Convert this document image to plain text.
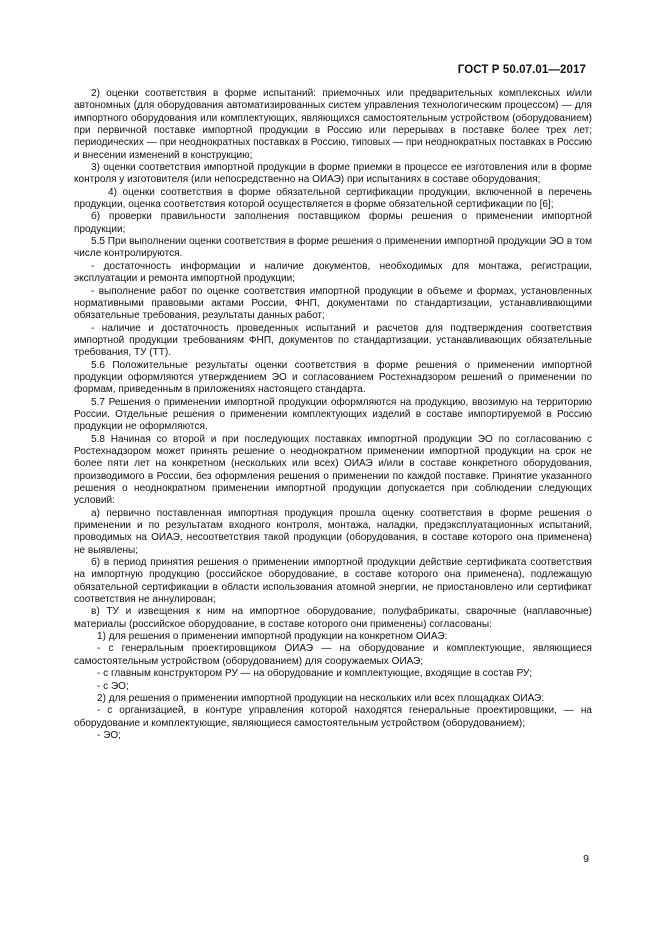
ГОСТ Р 50.07.01—2017

2) оценки соответствия в форме испытаний: приемочных или предварительных комплексных и/или автономных (для оборудования автоматизированных систем управления технологическим процессом) — для импортного оборудования или комплектующих, являющихся самостоятельным устройством (оборудованием) при первичной поставке импортной продукции в Россию или перерывах в поставке более трех лет; периодических — при неоднократных поставках в Россию, типовых — при неоднократных поставках в Россию и внесении изменений в конструкцию;

3) оценки соответствия импортной продукции в форме приемки в процессе ее изготовления или в форме контроля у изготовителя (или непосредственно на ОИАЭ) при испытаниях в составе оборудования;

4) оценки соответствия в форме обязательной сертификации продукции, включенной в перечень продукции, оценка соответствия которой осуществляется в форме обязательной сертификации по [6];

б) проверки правильности заполнения поставщиком формы решения о применении импортной продукции;

5.5 При выполнении оценки соответствия в форме решения о применении импортной продукции ЭО в том числе контролируются.

- достаточность информации и наличие документов, необходимых для монтажа, регистрации, эксплуатации и ремонта импортной продукции;

- выполнение работ по оценке соответствия импортной продукции в объеме и формах, установленных нормативными правовыми актами России, ФНП, документами по стандартизации, устанавливающими обязательные требования, результаты данных работ;

- наличие и достаточность проведенных испытаний и расчетов для подтверждения соответствия импортной продукции требованиям ФНП, документов по стандартизации, устанавливающих обязательные требования, ТУ (ТТ).

5.6 Положительные результаты оценки соответствия в форме решения о применении импортной продукции оформляются утверждением ЭО и согласованием Ростехнадзором решений о применении по формам, приведенным в приложениях настоящего стандарта.

5.7 Решения о применении импортной продукции оформляются на продукцию, ввозимую на территорию России. Отдельные решения о применении комплектующих изделий в составе импортируемой в Россию продукции не оформляются.

5.8 Начиная со второй и при последующих поставках импортной продукции ЭО по согласованию с Ростехнадзором может принять решение о неоднократном применении импортной продукции на срок не более пяти лет на конкретном (нескольких или всех) ОИАЭ и/или в составе конкретного оборудования, производимого в России, без оформления решения о применении по каждой поставке. Принятие указанного решения о неоднократном применении импортной продукции допускается при соблюдении следующих условий:

а) первично поставленная импортная продукция прошла оценку соответствия в форме решения о применении и по результатам входного контроля, монтажа, наладки, предэксплуатационных испытаний, проводимых на ОИАЭ, несоответствия такой продукции (оборудования, в составе которого она применена) не выявлены;

б) в период принятия решения о применении импортной продукции действие сертификата соответствия на импортную продукцию (российское оборудование, в составе которого она применена), подлежащую обязательной сертификации в области использования атомной энергии, не приостановлено или сертификат соответствия не аннулирован;

в) ТУ и извещения к ним на импортное оборудование, полуфабрикаты, сварочные (наплавочные) материалы (российское оборудование, в составе которого они применены) согласованы:

1) для решения о применении импортной продукции на конкретном ОИАЭ:

- с генеральным проектировщиком ОИАЭ — на оборудование и комплектующие, являющиеся самостоятельным устройством (оборудованием) для сооружаемых ОИАЭ;

- с главным конструктором РУ — на оборудование и комплектующие, входящие в состав РУ;

- с ЭО;

2) для решения о применении импортной продукции на нескольких или всех площадках ОИАЭ:

- с организацией, в контуре управления которой находятся генеральные проектировщики, — на оборудование и комплектующие, являющиеся самостоятельным устройством (оборудованием);

- ЭО;

9
